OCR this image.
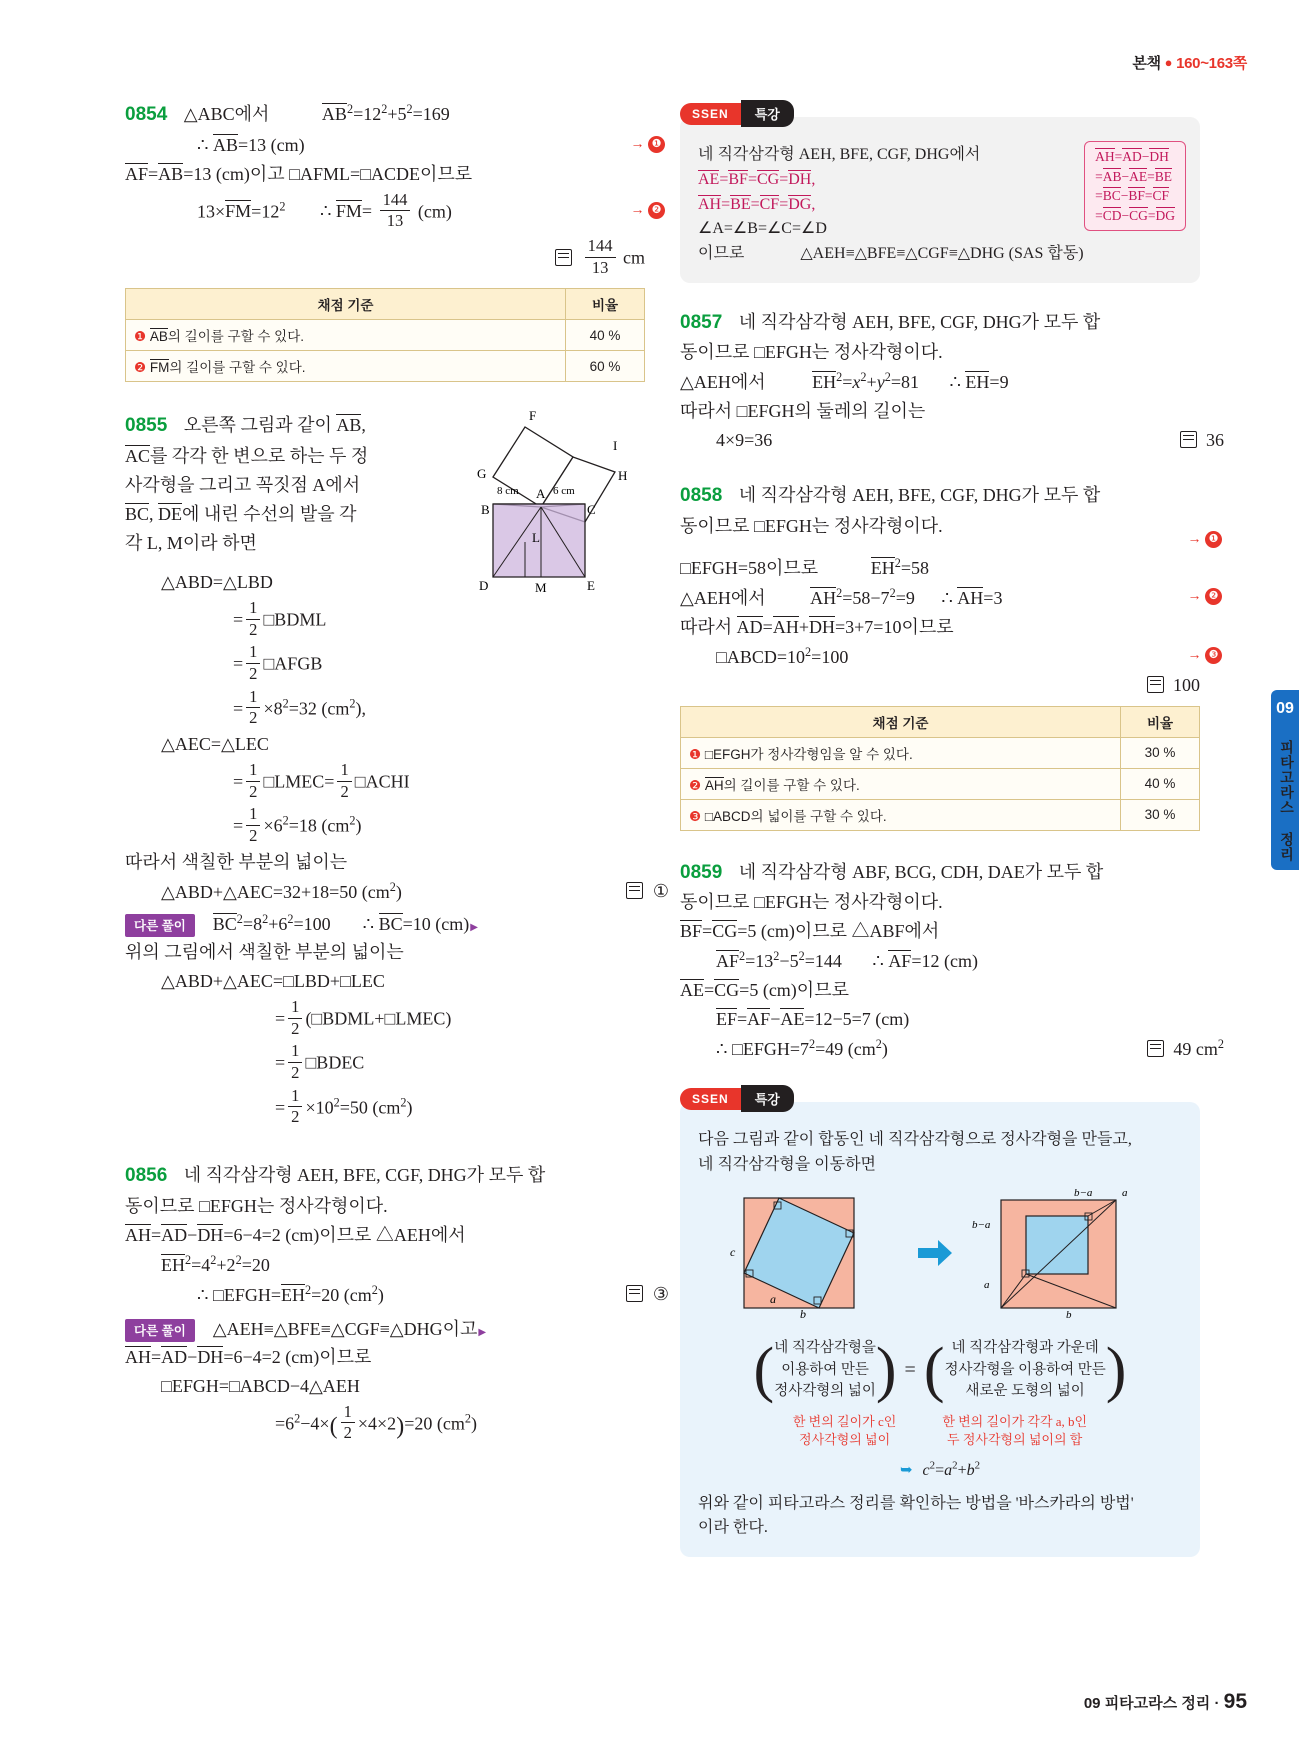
본책 ● 160~163쪽
09
피타고라스 정리
0854 △ABC에서	$AB^2=12^2+5^2=169$
∴ AB=13 (cm)	→ ❶
AF=AB=13 (cm)이고 □AFML=□ACDE이므로
$13\times FM=12^2$ ∴ $FM= \frac{144}{13} (cm)$	→ ❷

$\frac{144}{13}$ cm
채점 기준	비율
❶ AB의 길이를 구할 수 있다.	40 %
❷ FM의 길이를 구할 수 있다.	60 %
0855 오른쪽 그림과 같이 AB,
AC를 각각 한 변으로 하는 두 정
사각형을 그리고 꼭짓점 A에서
BC, DE에 내린 수선의 발을 각
각 L, M이라 하면
F
I
G
A
H
8 cm	6 cm
B	C
L
D	M	E
△ABD=△LBD
= $\frac{1}{2}$ □BDML
= $\frac{1}{2}$ □AFGB
= $\frac{1}{2} \times 8^2=32$ $(cm^2)$,
△AEC=△LEC
= $\frac{1}{2}$ □LMEC= $\frac{1}{2}$ □ACHI
= $\frac{1}{2} \times 6^2=18$ $(cm^2)$
따라서 색칠한 부분의 넓이는
△ABD+△AEC=32+18=50 $(cm^2)$	①
다른 풀이 $BC^2=8^2+6^2=100$ ∴ BC=10 (cm) ▶
위의 그림에서 색칠한 부분의 넓이는
△ABD+△AEC=□LBD+□LEC
= $\frac{1}{2}$ (□BDML+□LMEC)
= $\frac{1}{2}$ □BDEC
= $\frac{1}{2} \times 10^2=50$ $(cm^2)$
0856 네 직각삼각형 AEH, BFE, CGF, DHG가 모두 합
동이므로 □EFGH는 정사각형이다.
AH=AD−DH=6−4=2 (cm)이므로 △AEH에서
$EH^2=4^2+2^2=20$
∴ $□EFGH=EH^2=20$ $(cm^2)$	③
다른 풀이 △AEH≡△BFE≡△CGF≡△DHG이고 ▶
AH=AD−DH=6−4=2 (cm)이므로
□EFGH=□ABCD−4△AEH
$=6^2-4\times( \frac{1}{2} \times 4\times 2)=20$ $(cm^2)$
SSEN	특강
네 직각삼각형 AEH, BFE, CGF, DHG에서
AE=BF=CG=DH,
AH=BE=CF=DG,
∠A=∠B=∠C=∠D
이므로	△AEH≡△BFE≡△CGF≡△DHG (SAS 합동)
AH=AD−DH
=AB−AE=BE
=BC−BF=CF
=CD−CG=DG
0857 네 직각삼각형 AEH, BFE, CGF, DHG가 모두 합
동이므로 □EFGH는 정사각형이다.
△AEH에서 $EH^2=x^2+y^2=81$ ∴ EH=9
따라서 □EFGH의 둘레의 길이는
4×9=36	36
0858 네 직각삼각형 AEH, BFE, CGF, DHG가 모두 합
동이므로 □EFGH는 정사각형이다.
→ ❶
□EFGH=58이므로	$EH^2=58$
△AEH에서 $AH^2=58-7^2=9$ ∴ AH=3	→ ❷
따라서 AD=AH+DH=3+7=10이므로
$□ABCD=10^2=100$	→ ❸
100
채점 기준	비율
❶ □EFGH가 정사각형임을 알 수 있다.	30 %
❷ AH의 길이를 구할 수 있다.	40 %
❸ □ABCD의 넓이를 구할 수 있다.	30 %
0859 네 직각삼각형 ABF, BCG, CDH, DAE가 모두 합
동이므로 □EFGH는 정사각형이다.
BF=CG=5 (cm)이므로 △ABF에서
$AF^2=13^2-5^2=144$ ∴ AF=12 (cm)
AE=CG=5 (cm)이므로
EF=AF−AE=12−5=7 (cm)
∴ $□EFGH=7^2=49$ $(cm^2)$	49 $cm^2$
SSEN	특강
다음 그림과 같이 합동인 네 직각삼각형으로 정사각형을 만들고,
네 직각삼각형을 이동하면
c
a
b
b−a	a
b−a
a
b
( 네 직각삼각형을
이용하여 만든
정사각형의 넓이 ) = ( 네 직각삼각형과 가운데
정사각형을 이용하여 만든
새로운 도형의 넓이 )
한 변의 길이가 c인
정사각형의 넓이
한 변의 길이가 각각 a, b인
두 정사각형의 넓이의 합
➥ $c^2=a^2+b^2$
위와 같이 피타고라스 정리를 확인하는 방법을 '바스카라의 방법'
이라 한다.
09 피타고라스 정리 · 95
